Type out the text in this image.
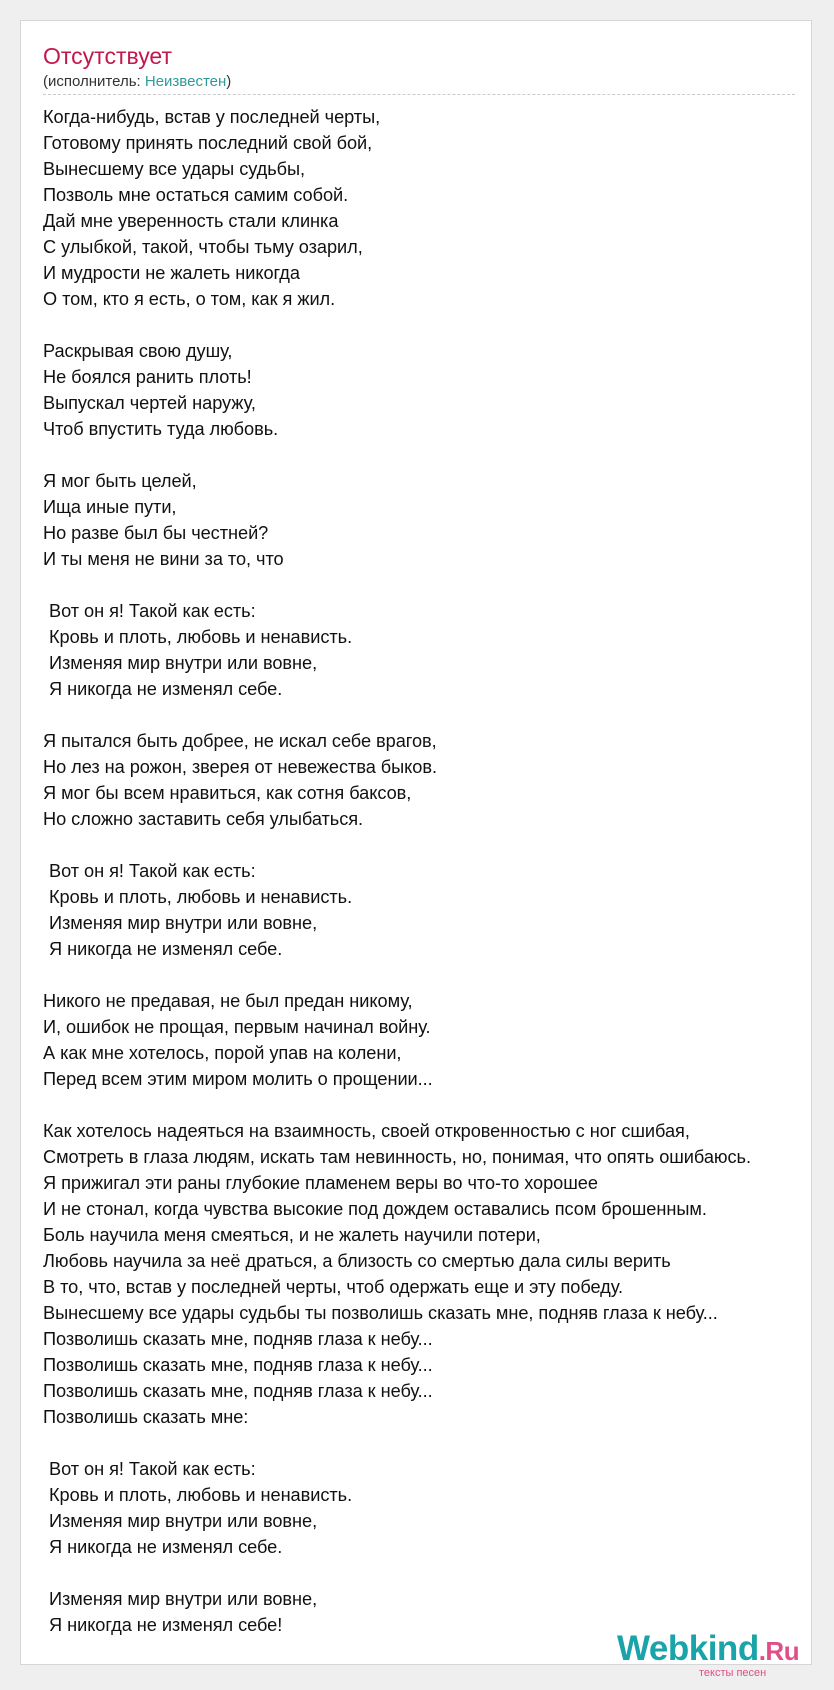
Отсутствует
(исполнитель: Неизвестен)
Когда-нибудь, встав у последней черты,
Готовому принять последний свой бой,
Вынесшему все удары судьбы,
Позволь мне остаться самим собой.
Дай мне уверенность стали клинка
С улыбкой, такой, чтобы тьму озарил,
И мудрости не жалеть никогда
О том, кто я есть, о том, как я жил.
Раскрывая свою душу,
Не боялся ранить плоть!
Выпускал чертей наружу,
Чтоб впустить туда любовь.
Я мог быть целей,
Ища иные пути,
Но разве был бы честней?
И ты меня не вини за то, что
Вот он я! Такой как есть:
Кровь и плоть, любовь и ненависть.
Изменяя мир внутри или вовне,
Я никогда не изменял себе.
Я пытался быть добрее, не искал себе врагов,
Но лез на рожон, зверея от невежества быков.
Я мог бы всем нравиться, как сотня баксов,
Но сложно заставить себя улыбаться.
Вот он я! Такой как есть:
Кровь и плоть, любовь и ненависть.
Изменяя мир внутри или вовне,
Я никогда не изменял себе.
Никого не предавая, не был предан никому,
И, ошибок не прощая, первым начинал войну.
А как мне хотелось, порой упав на колени,
Перед всем этим миром молить о прощении...
Как хотелось надеяться на взаимность, своей откровенностью с ног сшибая,
Смотреть в глаза людям, искать там невинность, но, понимая, что опять ошибаюсь.
Я прижигал эти раны глубокие пламенем веры во что-то хорошее
И не стонал, когда чувства высокие под дождем оставались псом брошенным.
Боль научила меня смеяться, и не жалеть научили потери,
Любовь научила за неё драться, а близость со смертью дала силы верить
В то, что, встав у последней черты, чтоб одержать еще и эту победу.
Вынесшему все удары судьбы ты позволишь сказать мне, подняв глаза к небу...
Позволишь сказать мне, подняв глаза к небу...
Позволишь сказать мне, подняв глаза к небу...
Позволишь сказать мне, подняв глаза к небу...
Позволишь сказать мне:
Вот он я! Такой как есть:
Кровь и плоть, любовь и ненависть.
Изменяя мир внутри или вовне,
Я никогда не изменял себе.
Изменяя мир внутри или вовне,
Я никогда не изменял себе!
Webkind.Ru
тексты песен
